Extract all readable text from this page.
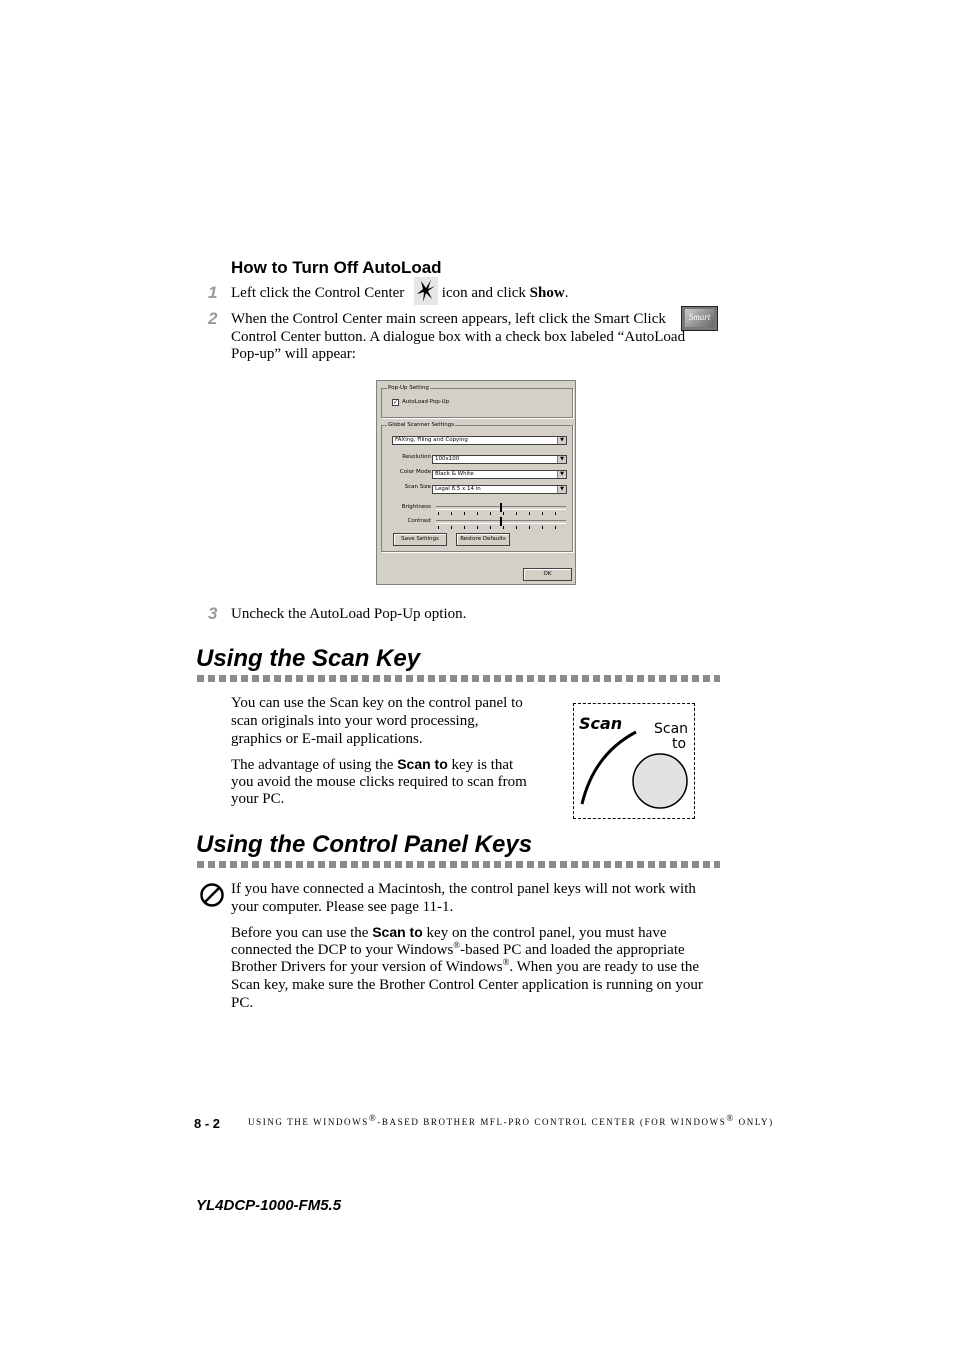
How to Turn Off AutoLoad
1 Left click the Control Center	icon and click Show.
2 When the Control Center main screen appears, left click the Smart Click	Smart
Control Center button. A dialogue box with a check box labeled “AutoLoad
Pop-up” will appear:
Pop-Up Setting
✓ AutoLoad Pop-Up
Global Scanner Settings
FAXing, Filing and Copying	▼
Resolution 100x100	▼
Color Mode Black & White	▼
Scan Size Legal 8.5 x 14 in	▼
Brightness
Contrast
Save Settings	Restore Defaults
OK
3 Uncheck the AutoLoad Pop-Up option.
Using the Scan Key
You can use the Scan key on the control panel to
scan originals into your word processing,
graphics or E-mail applications.
The advantage of using the Scan to key is that
you avoid the mouse clicks required to scan from
your PC.
Scan Scan
to
Using the Control Panel Keys
If you have connected a Macintosh, the control panel keys will not work with
your computer. Please see page 11-1.
Before you can use the Scan to key on the control panel, you must have
connected the DCP to your Windows®-based PC and loaded the appropriate
Brother Drivers for your version of Windows®. When you are ready to use the
Scan key, make sure the Brother Control Center application is running on your
PC.
8 - 2	USING THE WINDOWS®-BASED BROTHER MFL-PRO CONTROL CENTER (FOR WINDOWS® ONLY)
YL4DCP-1000-FM5.5
